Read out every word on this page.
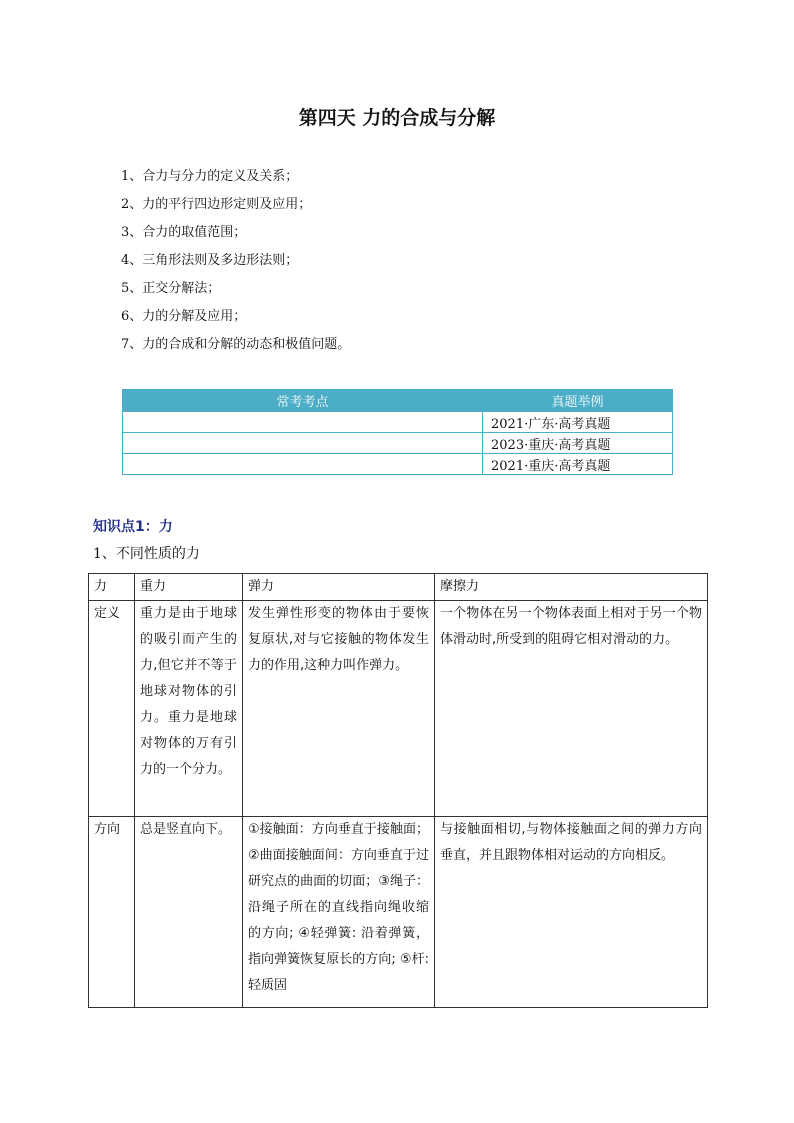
第四天 力的合成与分解
1、合力与分力的定义及关系；
2、力的平行四边形定则及应用；
3、合力的取值范围；
4、三角形法则及多边形法则；
5、正交分解法；
6、力的分解及应用；
7、力的合成和分解的动态和极值问题。
常考考点	真题举例
	2021·广东·高考真题
	2023·重庆·高考真题
	2021·重庆·高考真题
知识点1：力
1、不同性质的力
力	重力	弹力	摩擦力
定义	重力是由于地球的吸引而产生的力,但它并不等于地球对物体的引力。重力是地球对物体的万有引力的一个分力。	发生弹性形变的物体由于要恢复原状,对与它接触的物体发生力的作用,这种力叫作弹力。	一个物体在另一个物体表面上相对于另一个物体滑动时,所受到的阻碍它相对滑动的力。
方向	总是竖直向下。	①接触面：方向垂直于接触面；②曲面接触面间：方向垂直于过研究点的曲面的切面；③绳子：沿绳子所在的直线指向绳收缩的方向; ④轻弹簧: 沿着弹簧，指向弹簧恢复原长的方向; ⑤杆: 轻质固	与接触面相切,与物体接触面之间的弹力方向垂直，并且跟物体相对运动的方向相反。
